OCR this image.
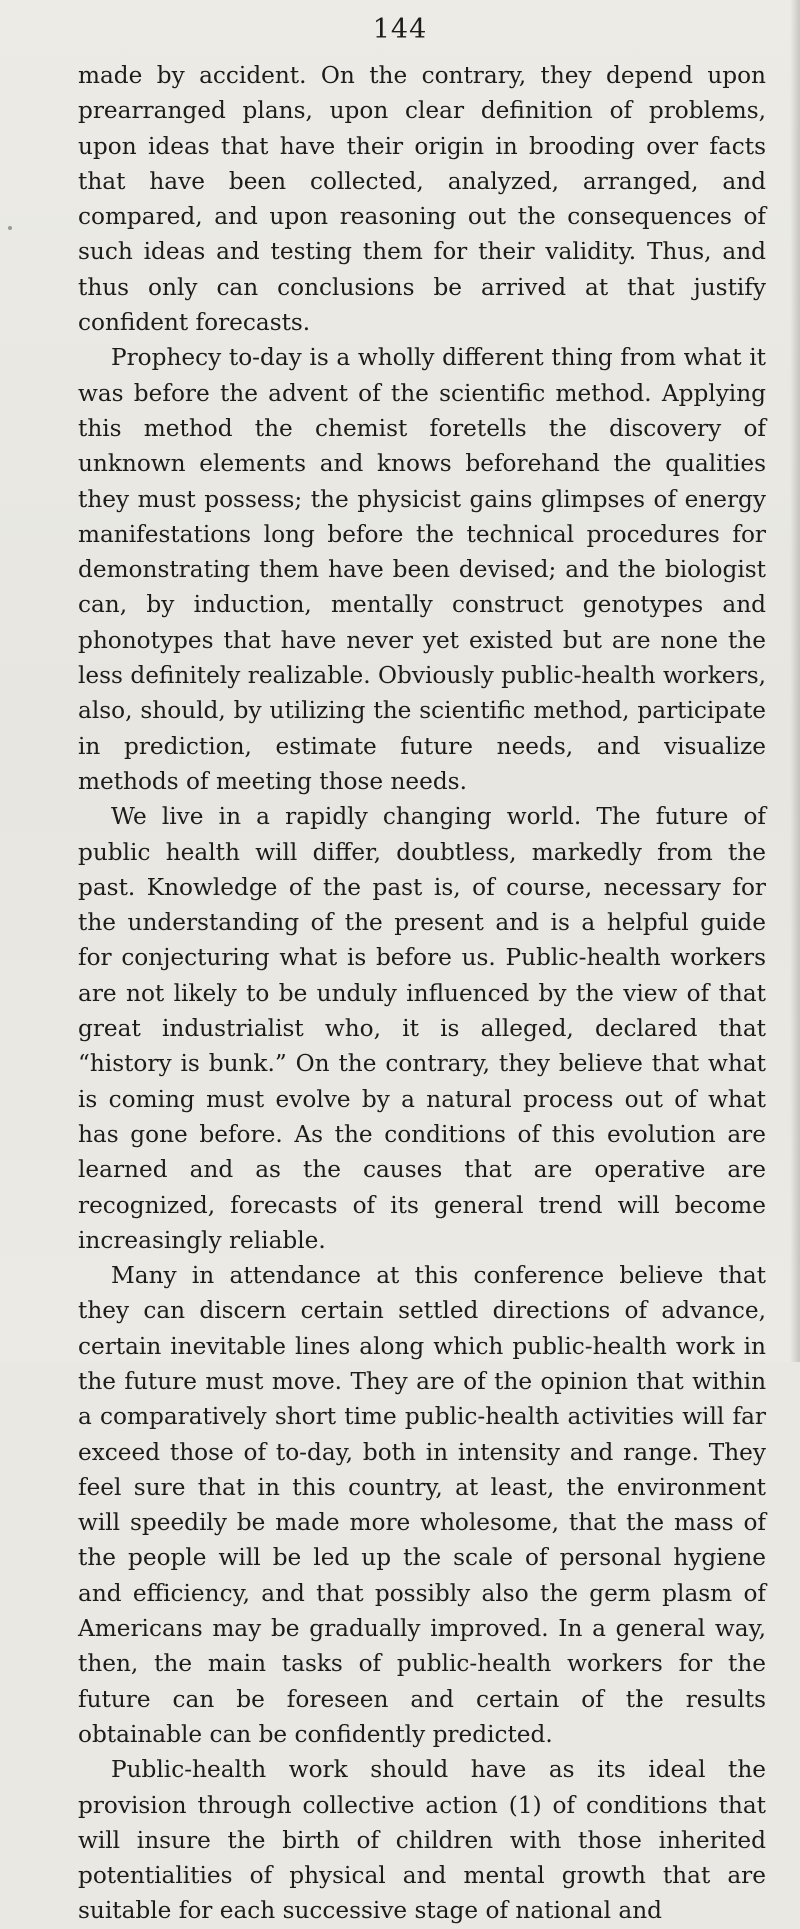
144

made by accident. On the contrary, they depend upon prearranged plans, upon clear definition of problems, upon ideas that have their origin in brooding over facts that have been collected, analyzed, arranged, and compared, and upon reasoning out the consequences of such ideas and testing them for their validity. Thus, and thus only can conclusions be arrived at that justify confident forecasts.

Prophecy to-day is a wholly different thing from what it was before the advent of the scientific method. Applying this method the chemist foretells the discovery of unknown elements and knows beforehand the qualities they must possess; the physicist gains glimpses of energy manifestations long before the technical procedures for demonstrating them have been devised; and the biologist can, by induction, mentally construct genotypes and phonotypes that have never yet existed but are none the less definitely realizable. Obviously public-health workers, also, should, by utilizing the scientific method, participate in prediction, estimate future needs, and visualize methods of meeting those needs.

We live in a rapidly changing world. The future of public health will differ, doubtless, markedly from the past. Knowledge of the past is, of course, necessary for the understanding of the present and is a helpful guide for conjecturing what is before us. Public-health workers are not likely to be unduly influenced by the view of that great industrialist who, it is alleged, declared that “history is bunk.” On the contrary, they believe that what is coming must evolve by a natural process out of what has gone before. As the conditions of this evolution are learned and as the causes that are operative are recognized, forecasts of its general trend will become increasingly reliable.

Many in attendance at this conference believe that they can discern certain settled directions of advance, certain inevitable lines along which public-health work in the future must move. They are of the opinion that within a comparatively short time public-health activities will far exceed those of to-day, both in intensity and range. They feel sure that in this country, at least, the environment will speedily be made more wholesome, that the mass of the people will be led up the scale of personal hygiene and efficiency, and that possibly also the germ plasm of Americans may be gradually improved. In a general way, then, the main tasks of public-health workers for the future can be foreseen and certain of the results obtainable can be confidently predicted.

Public-health work should have as its ideal the provision through collective action (1) of conditions that will insure the birth of children with those inherited potentialities of physical and mental growth that are suitable for each successive stage of national and
